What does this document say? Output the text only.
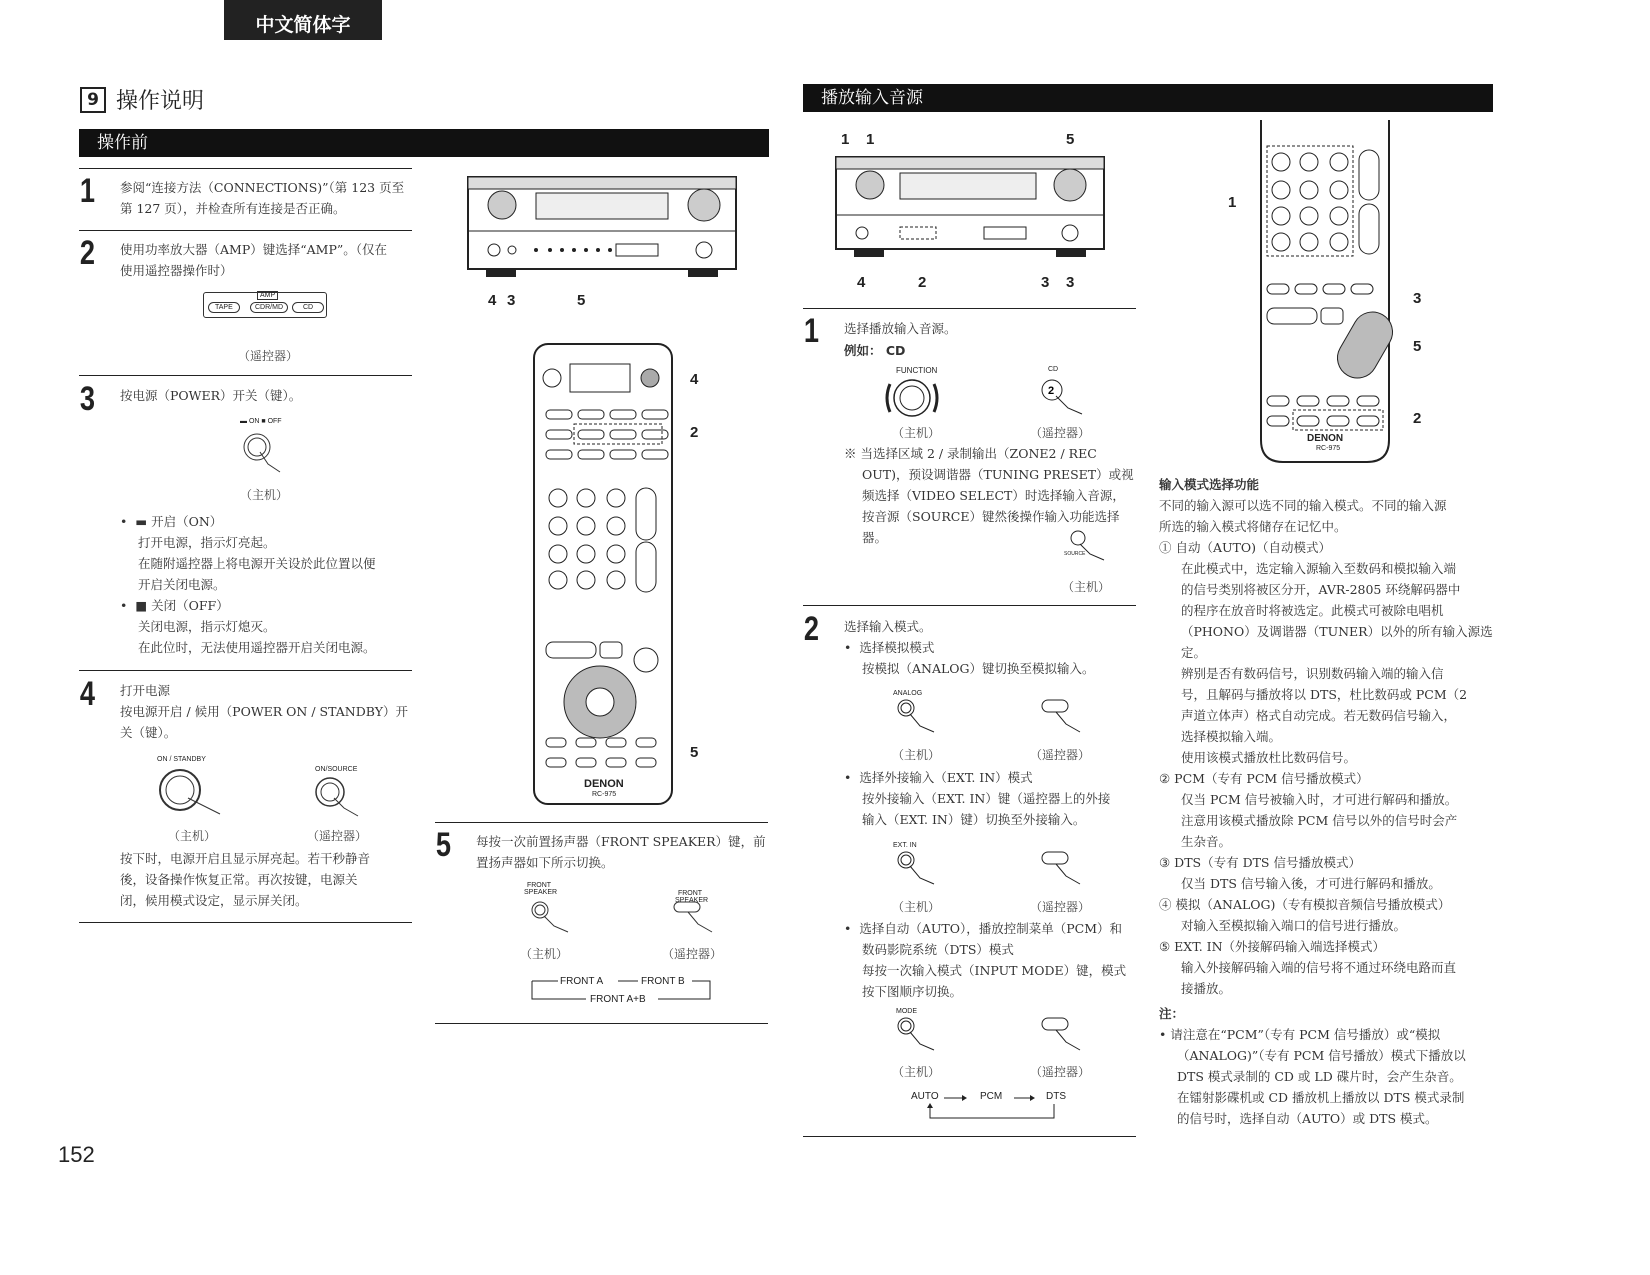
中文简体字
9 操作说明
操作前
播放输入音源
1 参阅“连接方法（CONNECTIONS)”（第 123 页至
第 127 页），并检查所有连接是否正确。
2 使用功率放大器（AMP）键选择“AMP”。（仅在
使用遥控器操作时）
AMP
TAPE	CDR/MD	CD
（遥控器）
3 按电源（POWER）开关（键）。
▬ ON ■ OFF
（主机）
•  ▬ 开启（ON）
打开电源，指示灯亮起。
在随附遥控器上将电源开关设於此位置以便
开启关闭电源。
•  ■ 关闭（OFF）
关闭电源，指示灯熄灭。
在此位时，无法使用遥控器开启关闭电源。
4 打开电源
按电源开启 / 候用（POWER ON / STANDBY）开
关（键）。
ON / STANDBY
ON/SOURCE
（主机）	（遥控器）
按下时，电源开启且显示屏亮起。若干秒静音
後，设备操作恢复正常。再次按键，电源关
闭，候用模式设定，显示屏关闭。
4 3	5
DENON
RC-975
4
2
5
5 每按一次前置扬声器（FRONT SPEAKER）键，前
置扬声器如下所示切换。
FRONT SPEAKER	FRONT SPEAKER
（主机）	（遥控器）
FRONT A	FRONT B
FRONT A+B
1 1	5
4	2	3 3
1 选择播放输入音源。
例如： CD
FUNCTION	CD
2
（主机）	（遥控器）
※ 当选择区域 2 / 录制输出（ZONE2 / REC
OUT)，预设调谐器（TUNING PRESET）或视
频选择（VIDEO SELECT）时选择输入音源，
按音源（SOURCE）键然後操作输入功能选择
器。
SOURCE
（主机）
2 选择输入模式。
•  选择模拟模式
按模拟（ANALOG）键切换至模拟输入。
ANALOG
（主机）	（遥控器）
•  选择外接输入（EXT. IN）模式
按外接输入（EXT. IN）键（遥控器上的外接
输入（EXT. IN）键）切换至外接输入。
EXT. IN
（主机）	（遥控器）
•  选择自动（AUTO），播放控制菜单（PCM）和
数码影院系统（DTS）模式
每按一次输入模式（INPUT MODE）键，模式
按下图顺序切换。
MODE
（主机）	（遥控器）
AUTO	PCM	DTS
DENON
RC-975
1
3
5
2
输入模式选择功能
不同的输入源可以选不同的输入模式。不同的输入源
所选的输入模式将储存在记忆中。
① 自动（AUTO)（自动模式）
在此模式中，选定输入源输入至数码和模拟输入端
的信号类别将被区分开，AVR-2805 环绕解码器中
的程序在放音时将被选定。此模式可被除电唱机
（PHONO）及调谐器（TUNER）以外的所有输入源选
定。
辨别是否有数码信号，识别数码输入端的输入信
号，且解码与播放将以 DTS，杜比数码或 PCM（2
声道立体声）格式自动完成。若无数码信号输入，
选择模拟输入端。
使用该模式播放杜比数码信号。
② PCM（专有 PCM 信号播放模式）
仅当 PCM 信号被输入时，才可进行解码和播放。
注意用该模式播放除 PCM 信号以外的信号时会产
生杂音。
③ DTS（专有 DTS 信号播放模式）
仅当 DTS 信号输入後，才可进行解码和播放。
④ 模拟（ANALOG)（专有模拟音频信号播放模式）
对输入至模拟输入端口的信号进行播放。
⑤ EXT. IN（外接解码输入端选择模式）
输入外接解码输入端的信号将不通过环绕电路而直
接播放。
注：
• 请注意在“PCM”（专有 PCM 信号播放）或“模拟
（ANALOG)”（专有 PCM 信号播放）模式下播放以
DTS 模式录制的 CD 或 LD 碟片时，会产生杂音。
在镭射影碟机或 CD 播放机上播放以 DTS 模式录制
的信号时，选择自动（AUTO）或 DTS 模式。
152
